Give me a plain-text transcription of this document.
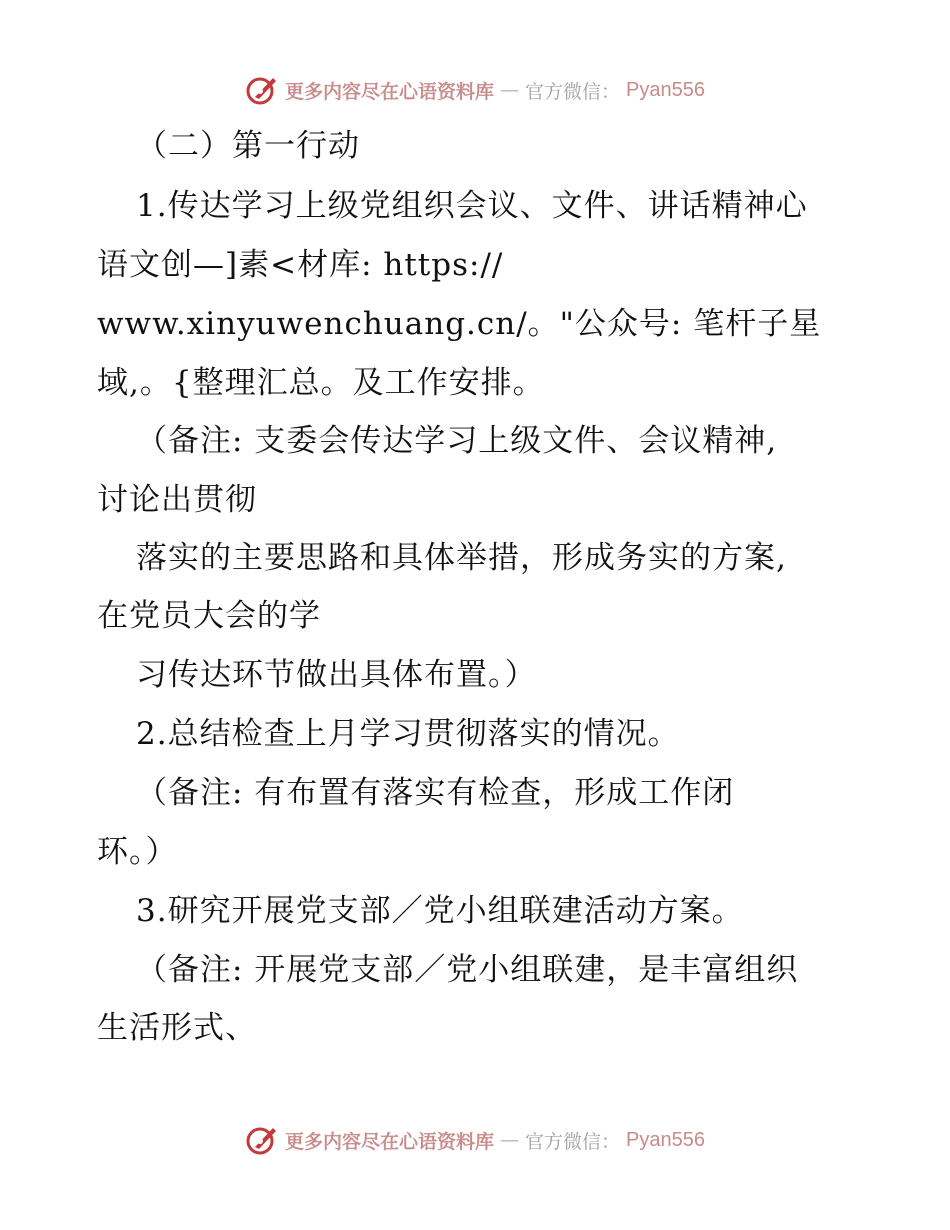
更多内容尽在心语资料库 — 官方微信： Pyan556
（二）第一行动
1.传达学习上级党组织会议、文件、讲话精神心
语文创—]素<材库: https://
www.xinyuwenchuang.cn/。"公众号: 笔杆子星
域,。{整理汇总。及工作安排。
（备注: 支委会传达学习上级文件、会议精神,
讨论出贯彻
落实的主要思路和具体举措，形成务实的方案,
在党员大会的学
习传达环节做出具体布置。）
2.总结检查上月学习贯彻落实的情况。
（备注: 有布置有落实有检查，形成工作闭
环。）
3.研究开展党支部／党小组联建活动方案。
（备注: 开展党支部／党小组联建，是丰富组织
生活形式、
更多内容尽在心语资料库 — 官方微信： Pyan556
